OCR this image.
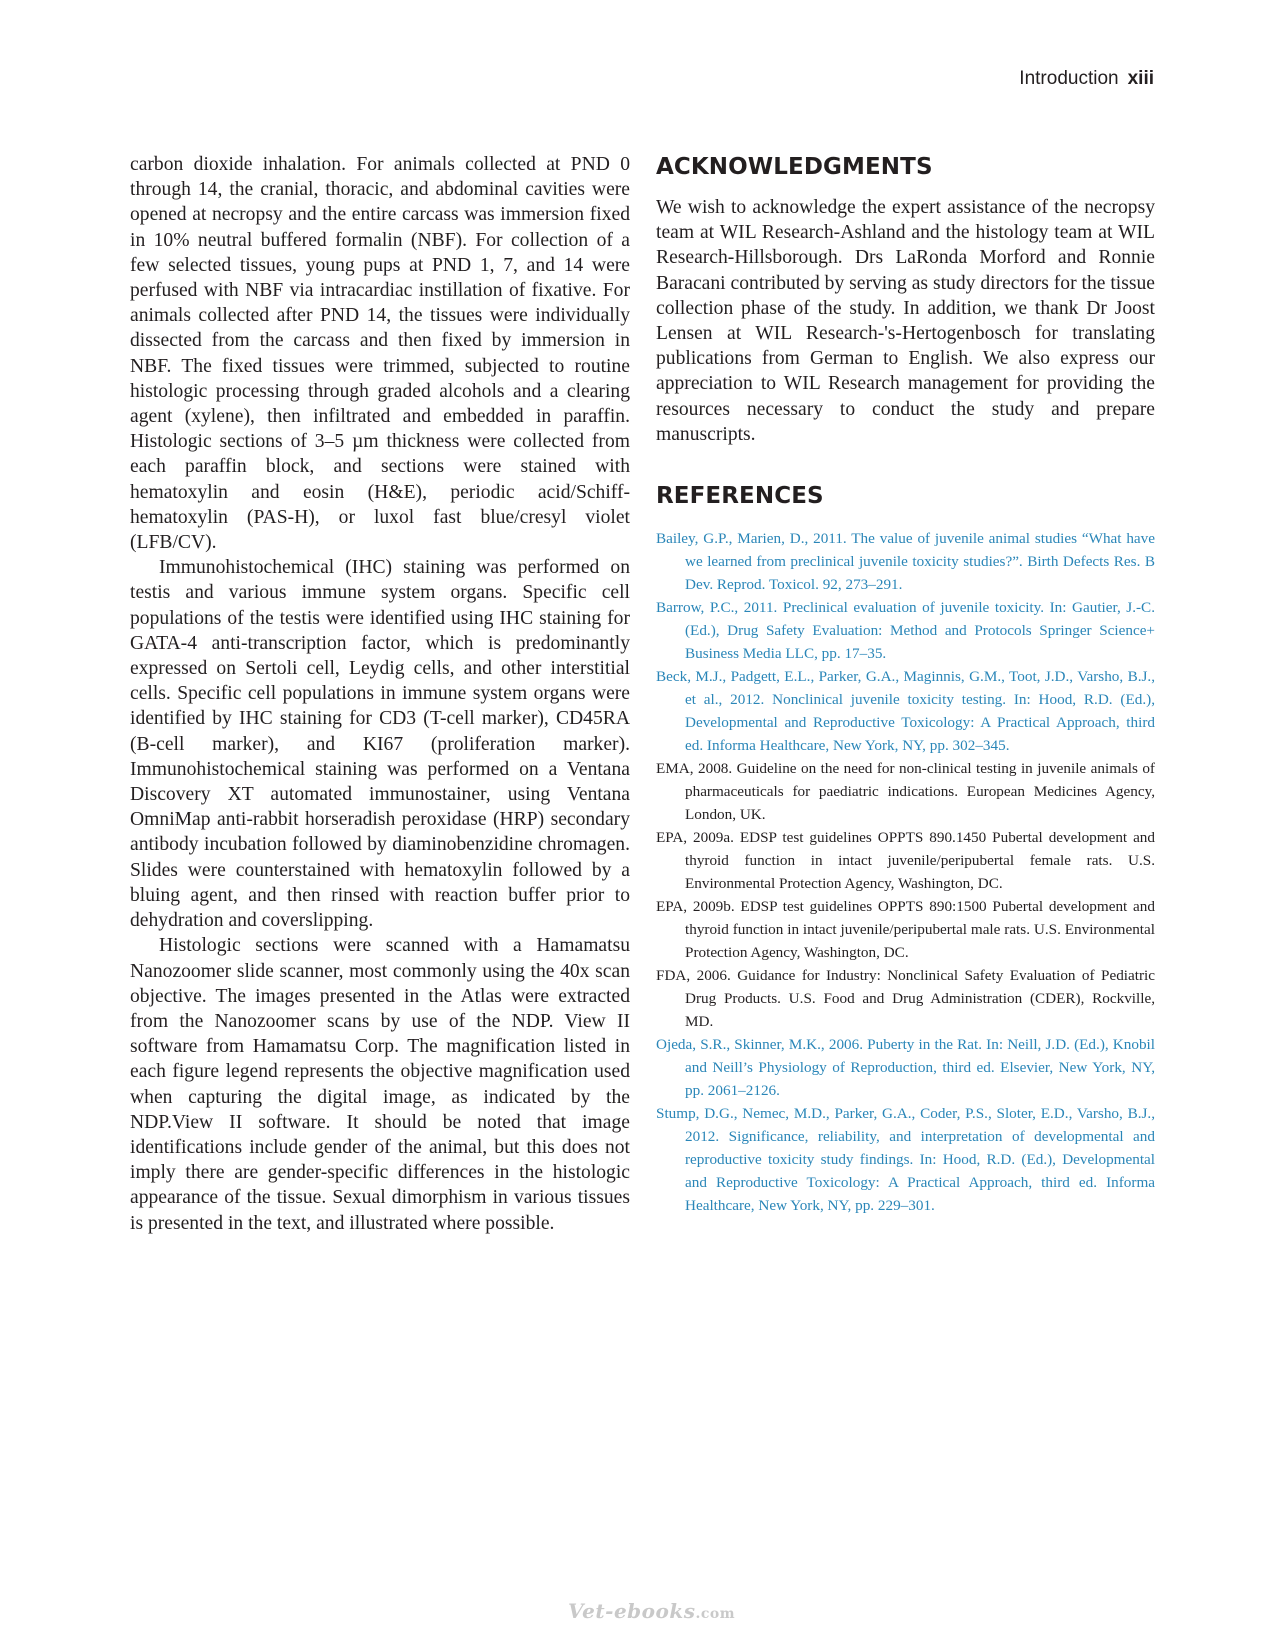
Introduction xiii

carbon dioxide inhalation. For animals collected at PND 0 through 14, the cranial, thoracic, and abdominal cavities were opened at necropsy and the entire carcass was immersion fixed in 10% neutral buffered formalin (NBF). For collection of a few selected tissues, young pups at PND 1, 7, and 14 were perfused with NBF via intracardiac instillation of fixative. For animals collected after PND 14, the tissues were individually dissected from the carcass and then fixed by immersion in NBF. The fixed tissues were trimmed, subjected to routine histologic processing through graded alcohols and a clearing agent (xylene), then infiltrated and embedded in paraffin. Histologic sections of 3–5 µm thickness were collected from each paraffin block, and sections were stained with hematoxylin and eosin (H&E), periodic acid/Schiff-hematoxylin (PAS-H), or luxol fast blue/cresyl violet (LFB/CV).

Immunohistochemical (IHC) staining was performed on testis and various immune system organs. Specific cell populations of the testis were identified using IHC staining for GATA-4 anti-transcription factor, which is predominantly expressed on Sertoli cell, Leydig cells, and other interstitial cells. Specific cell populations in immune system organs were identified by IHC staining for CD3 (T-cell marker), CD45RA (B-cell marker), and KI67 (proliferation marker). Immunohistochemical staining was performed on a Ventana Discovery XT automated immunostainer, using Ventana OmniMap anti-rabbit horseradish peroxidase (HRP) secondary antibody incubation followed by diaminobenzidine chromagen. Slides were counterstained with hematoxylin followed by a bluing agent, and then rinsed with reaction buffer prior to dehydration and coverslipping.

Histologic sections were scanned with a Hamamatsu Nanozoomer slide scanner, most commonly using the 40x scan objective. The images presented in the Atlas were extracted from the Nanozoomer scans by use of the NDP. View II software from Hamamatsu Corp. The magnification listed in each figure legend represents the objective magnification used when capturing the digital image, as indicated by the NDP.View II software. It should be noted that image identifications include gender of the animal, but this does not imply there are gender-specific differences in the histologic appearance of the tissue. Sexual dimorphism in various tissues is presented in the text, and illustrated where possible.

ACKNOWLEDGMENTS

We wish to acknowledge the expert assistance of the necropsy team at WIL Research-Ashland and the histology team at WIL Research-Hillsborough. Drs LaRonda Morford and Ronnie Baracani contributed by serving as study directors for the tissue collection phase of the study. In addition, we thank Dr Joost Lensen at WIL Research-'s-Hertogenbosch for translating publications from German to English. We also express our appreciation to WIL Research management for providing the resources necessary to conduct the study and prepare manuscripts.

REFERENCES
Bailey, G.P., Marien, D., 2011. The value of juvenile animal studies “What have we learned from preclinical juvenile toxicity studies?”. Birth Defects Res. B Dev. Reprod. Toxicol. 92, 273–291.
Barrow, P.C., 2011. Preclinical evaluation of juvenile toxicity. In: Gautier, J.-C. (Ed.), Drug Safety Evaluation: Method and Protocols Springer Science+ Business Media LLC, pp. 17–35.
Beck, M.J., Padgett, E.L., Parker, G.A., Maginnis, G.M., Toot, J.D., Varsho, B.J., et al., 2012. Nonclinical juvenile toxicity testing. In: Hood, R.D. (Ed.), Developmental and Reproductive Toxicology: A Practical Approach, third ed. Informa Healthcare, New York, NY, pp. 302–345.
EMA, 2008. Guideline on the need for non-clinical testing in juvenile animals of pharmaceuticals for paediatric indications. European Medicines Agency, London, UK.
EPA, 2009a. EDSP test guidelines OPPTS 890.1450 Pubertal development and thyroid function in intact juvenile/peripubertal female rats. U.S. Environmental Protection Agency, Washington, DC.
EPA, 2009b. EDSP test guidelines OPPTS 890:1500 Pubertal development and thyroid function in intact juvenile/peripubertal male rats. U.S. Environmental Protection Agency, Washington, DC.
FDA, 2006. Guidance for Industry: Nonclinical Safety Evaluation of Pediatric Drug Products. U.S. Food and Drug Administration (CDER), Rockville, MD.
Ojeda, S.R., Skinner, M.K., 2006. Puberty in the Rat. In: Neill, J.D. (Ed.), Knobil and Neill’s Physiology of Reproduction, third ed. Elsevier, New York, NY, pp. 2061–2126.
Stump, D.G., Nemec, M.D., Parker, G.A., Coder, P.S., Sloter, E.D., Varsho, B.J., 2012. Significance, reliability, and interpretation of developmental and reproductive toxicity study findings. In: Hood, R.D. (Ed.), Developmental and Reproductive Toxicology: A Practical Approach, third ed. Informa Healthcare, New York, NY, pp. 229–301.
Vet-ebooks.com
